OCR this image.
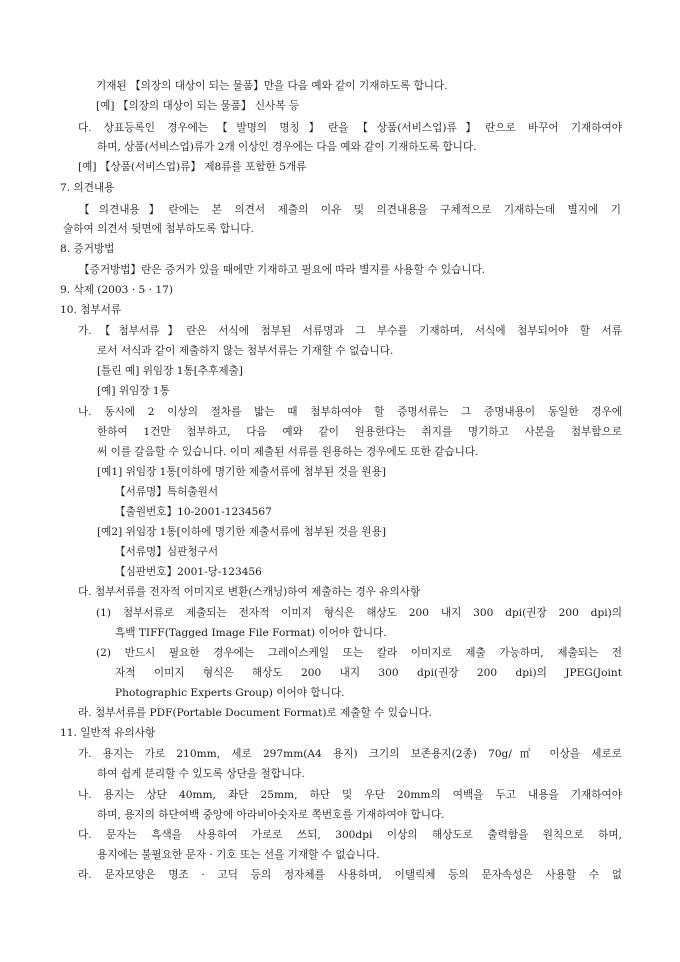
기재된 【의장의 대상이 되는 물품】만을 다음 예와 같이 기재하도록 합니다.
[예] 【의장의 대상이 되는 물품】 신사복 등
다. 상표등록인 경우에는【발명의 명칭】란을【상품(서비스업)류】란으로 바꾸어 기재하여야
하며, 상품(서비스업)류가 2개 이상인 경우에는 다음 예와 같이 기재하도록 합니다.
[예] 【상품(서비스업)류】 제8류를 포함한 5개류
7. 의견내용
【의견내용】란에는 본 의견서 제출의 이유 및 의견내용을 구체적으로 기재하는데 별지에 기
술하여 의견서 뒷면에 첨부하도록 합니다.
8. 증거방법
【증거방법】란은 증거가 있을 때에만 기재하고 필요에 따라 별지를 사용할 수 있습니다.
9. 삭제 (2003 · 5 · 17)
10. 첨부서류
가.【첨부서류】란은 서식에 첨부된 서류명과 그 부수를 기재하며, 서식에 첨부되어야 할 서류
로서 서식과 같이 제출하지 않는 첨부서류는 기재할 수 없습니다.
[틀린 예] 위임장 1통[추후제출]
[예] 위임장 1통
나. 동시에 2 이상의 절차를 밟는 때 첨부하여야 할 증명서류는 그 증명내용이 동일한 경우에
한하여 1건만 첨부하고, 다음 예와 같이 원용한다는 취지를 명기하고 사본을 첨부함으로
써 이를 갈음할 수 있습니다. 이미 제출된 서류를 원용하는 경우에도 또한 같습니다.
[예1] 위임장 1통[이하에 명기한 제출서류에 첨부된 것을 원용]
【서류명】특허출원서
【출원번호】10-2001-1234567
[예2] 위임장 1통[이하에 명기한 제출서류에 첨부된 것을 원용]
【서류명】심판청구서
【심판번호】2001-당-123456
다. 첨부서류를 전자적 이미지로 변환(스캐닝)하여 제출하는 경우 유의사항
(1) 첨부서류로 제출되는 전자적 이미지 형식은 해상도 200 내지 300 dpi(권장 200 dpi)의
흑백 TIFF(Tagged Image File Format) 이어야 합니다.
(2) 반드시 필요한 경우에는 그레이스케일 또는 칼라 이미지로 제출 가능하며, 제출되는 전
자적 이미지 형식은 해상도 200 내지 300 dpi(권장 200 dpi)의 JPEG(Joint
Photographic Experts Group) 이어야 합니다.
라. 첨부서류를 PDF(Portable Document Format)로 제출할 수 있습니다.
11. 일반적 유의사항
가. 용지는 가로 210mm, 세로 297mm(A4 용지) 크기의 보존용지(2종) 70g/㎡ 이상을 세로로
하여 쉽게 분리할 수 있도록 상단을 철합니다.
나. 용지는 상단 40mm, 좌단 25mm, 하단 및 우단 20mm의 여백을 두고 내용을 기재하여야
하며, 용지의 하단여백 중앙에 아라비아숫자로 쪽번호를 기재하여야 합니다.
다. 문자는 흑색을 사용하여 가로로 쓰되, 300dpi 이상의 해상도로 출력함을 원칙으로 하며,
용지에는 불필요한 문자 · 기호 또는 선을 기재할 수 없습니다.
라. 문자모양은 명조 · 고딕 등의 정자체를 사용하며, 이탤릭체 등의 문자속성은 사용할 수 없
